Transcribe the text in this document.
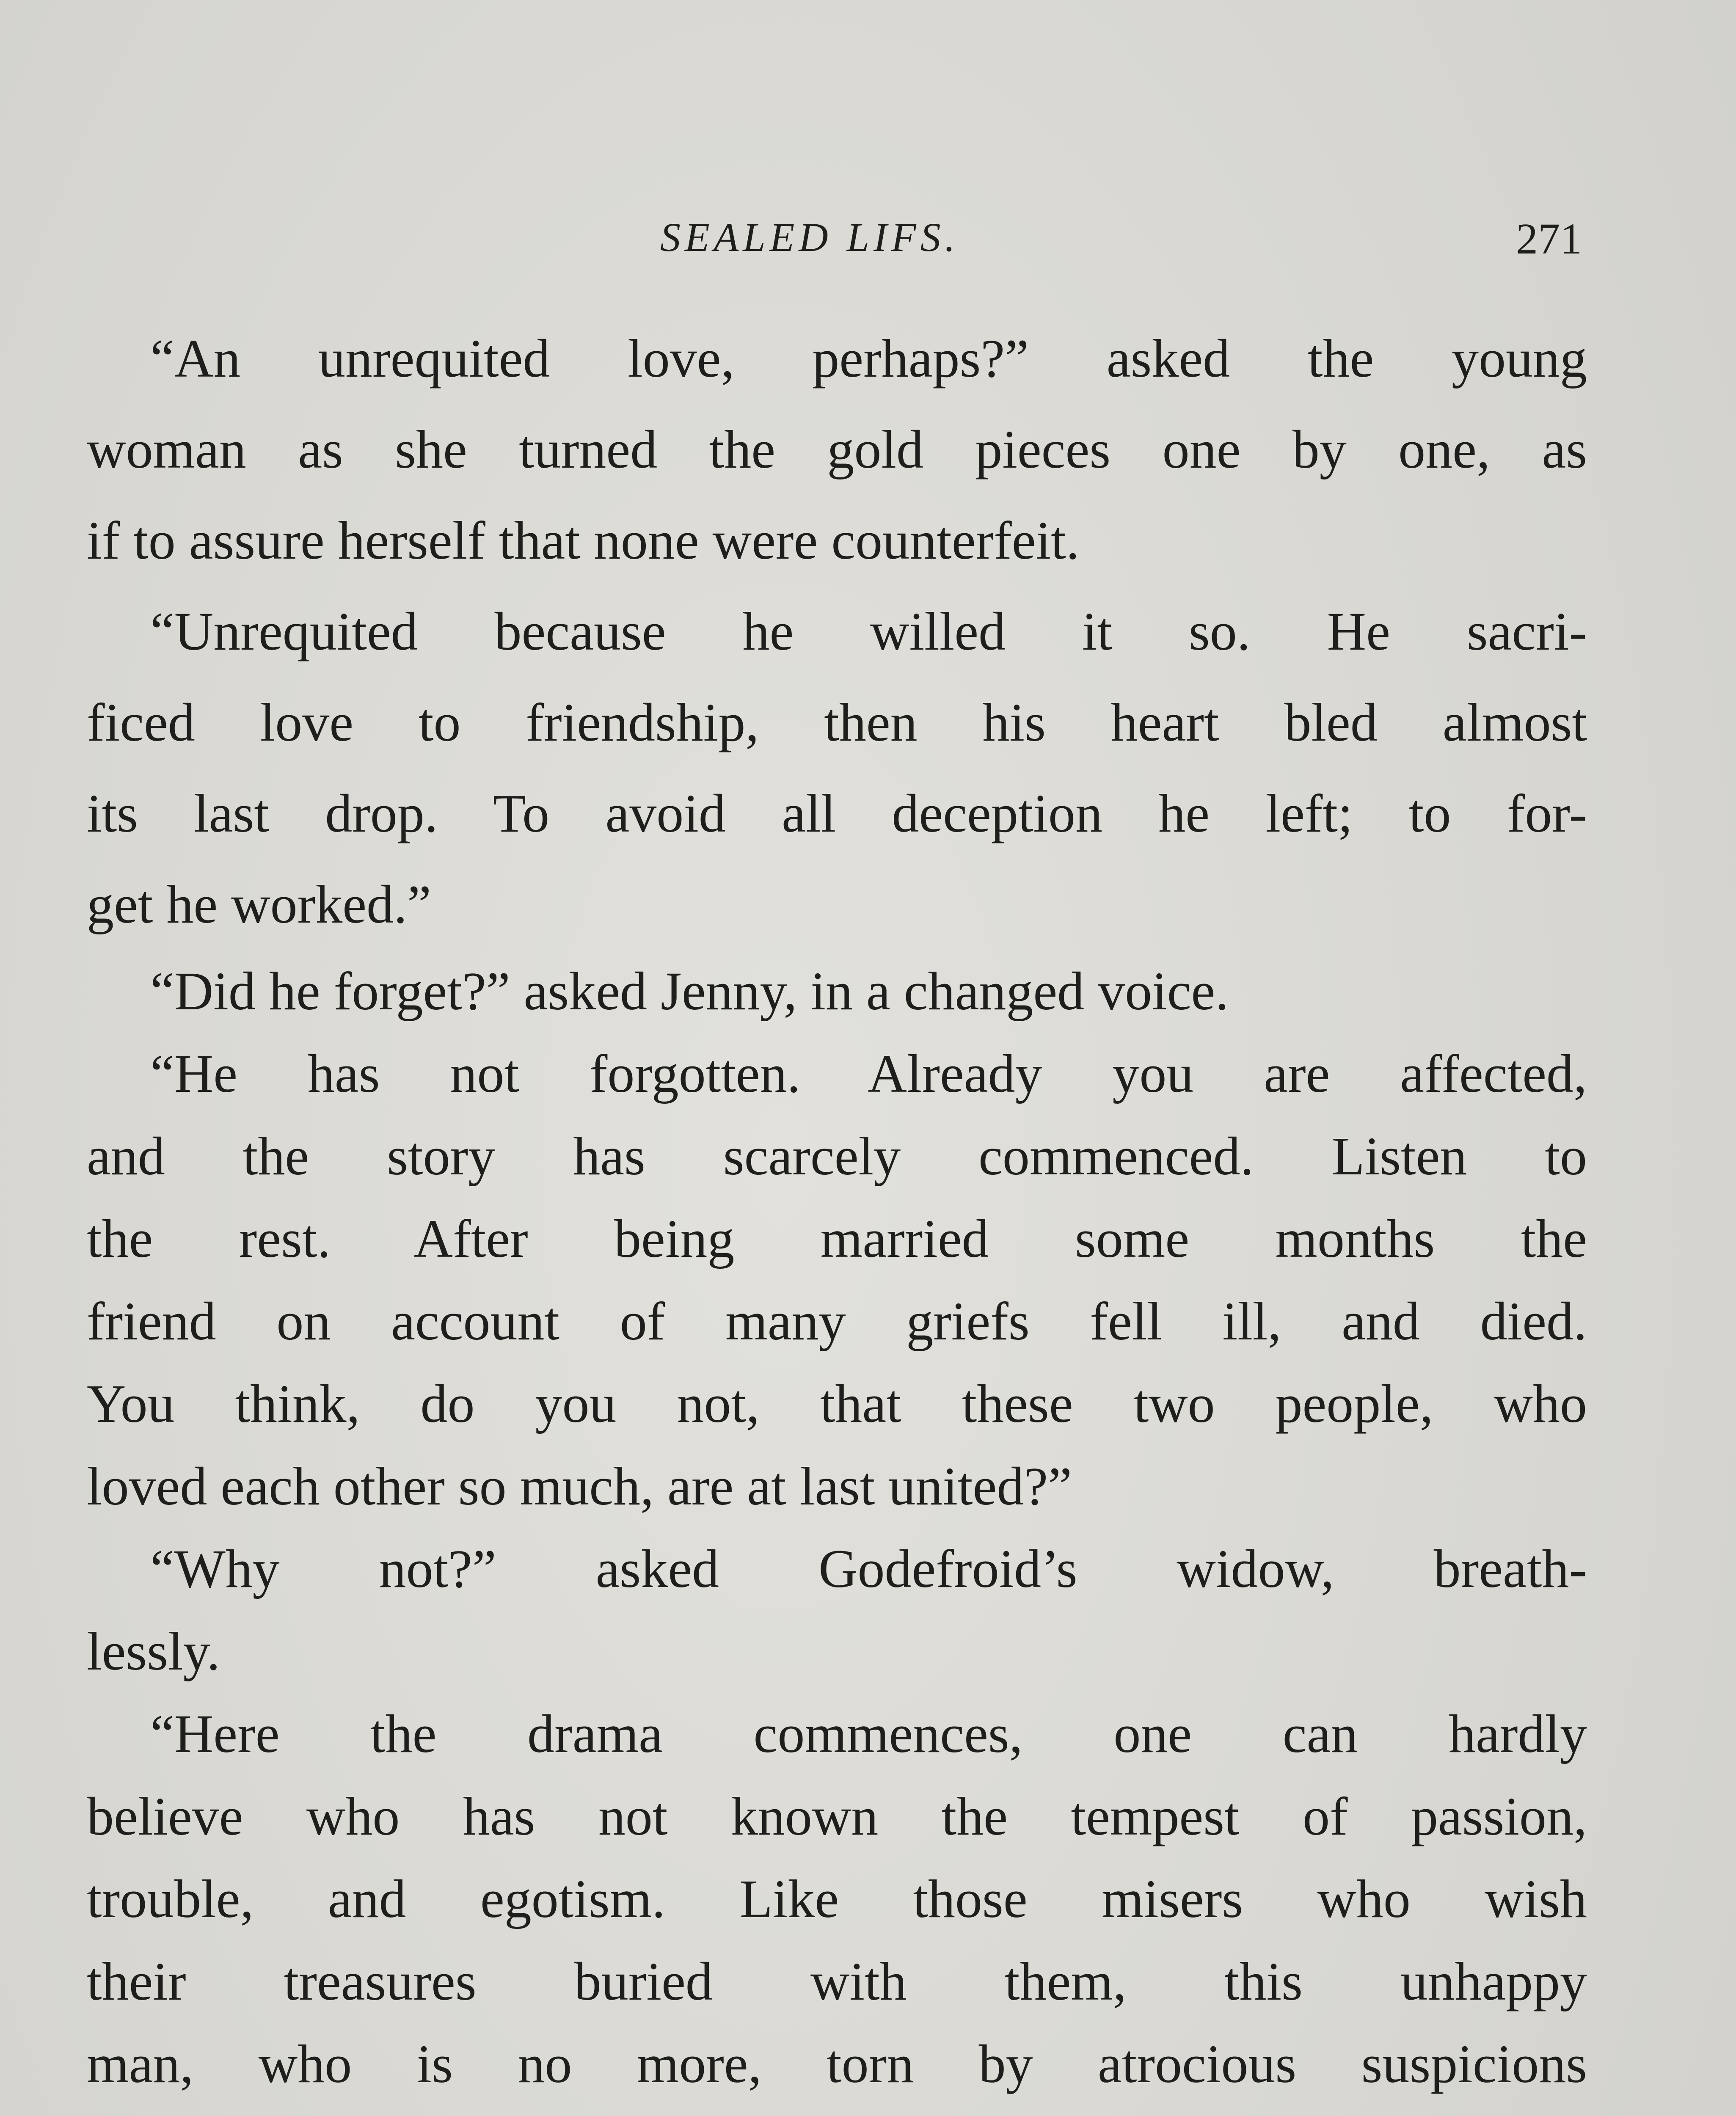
SEALED LIFS.	271
“An unrequited love, perhaps?” asked the young
woman as she turned the gold pieces one by one, as
if to assure herself that none were counterfeit.
“Unrequited because he willed it so. He sacri-
ficed love to friendship, then his heart bled almost
its last drop. To avoid all deception he left; to for-
get he worked.”
“Did he forget?” asked Jenny, in a changed voice.
“He has not forgotten. Already you are affected,
and the story has scarcely commenced. Listen to
the rest. After being married some months the
friend on account of many griefs fell ill, and died.
You think, do you not, that these two people, who
loved each other so much, are at last united?”
“Why not?” asked Godefroid’s widow, breath-
lessly.
“Here the drama commences, one can hardly
believe who has not known the tempest of passion,
trouble, and egotism. Like those misers who wish
their treasures buried with them, this unhappy
man, who is no more, torn by atrocious suspicions
